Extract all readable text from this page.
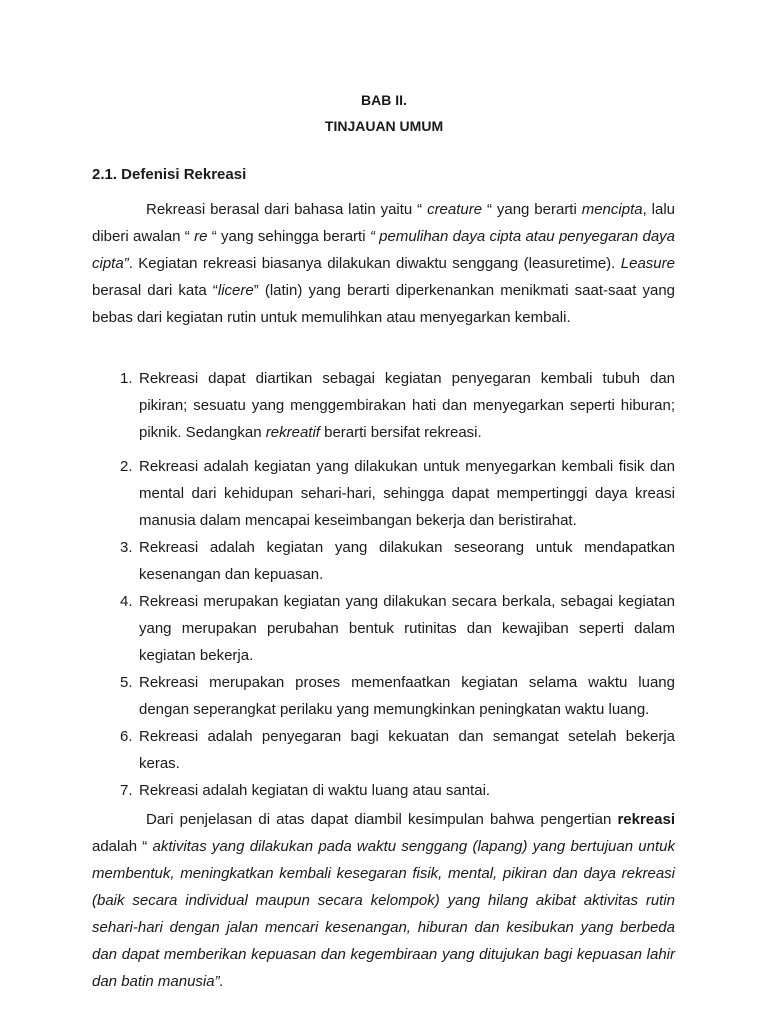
BAB II.
TINJAUAN UMUM
2.1. Defenisi Rekreasi

Rekreasi berasal dari bahasa latin yaitu “ creature “ yang berarti mencipta, lalu diberi awalan “ re “ yang sehingga berarti “ pemulihan daya cipta atau penyegaran daya cipta”. Kegiatan rekreasi biasanya dilakukan diwaktu senggang (leasuretime). Leasure berasal dari kata “licere” (latin) yang berarti diperkenankan menikmati saat-saat yang bebas dari kegiatan rutin untuk memulihkan atau menyegarkan kembali.

1. Rekreasi dapat diartikan sebagai kegiatan penyegaran kembali tubuh dan pikiran; sesuatu yang menggembirakan hati dan menyegarkan seperti hiburan; piknik. Sedangkan rekreatif berarti bersifat rekreasi.
2. Rekreasi adalah kegiatan yang dilakukan untuk menyegarkan kembali fisik dan mental dari kehidupan sehari-hari, sehingga dapat mempertinggi daya kreasi manusia dalam mencapai keseimbangan bekerja dan beristirahat.
3. Rekreasi adalah kegiatan yang dilakukan seseorang untuk mendapatkan kesenangan dan kepuasan.
4. Rekreasi merupakan kegiatan yang dilakukan secara berkala, sebagai kegiatan yang merupakan perubahan bentuk rutinitas dan kewajiban seperti dalam kegiatan bekerja.
5. Rekreasi merupakan proses memenfaatkan kegiatan selama waktu luang dengan seperangkat perilaku yang memungkinkan peningkatan waktu luang.
6. Rekreasi adalah penyegaran bagi kekuatan dan semangat setelah bekerja keras.
7. Rekreasi adalah kegiatan di waktu luang atau santai.

Dari penjelasan di atas dapat diambil kesimpulan bahwa pengertian rekreasi adalah “ aktivitas yang dilakukan pada waktu senggang (lapang) yang bertujuan untuk membentuk, meningkatkan kembali kesegaran fisik, mental, pikiran dan daya rekreasi (baik secara individual maupun secara kelompok) yang hilang akibat aktivitas rutin sehari-hari dengan jalan mencari kesenangan, hiburan dan kesibukan yang berbeda dan dapat memberikan kepuasan dan kegembiraan yang ditujukan bagi kepuasan lahir dan batin manusia”.
